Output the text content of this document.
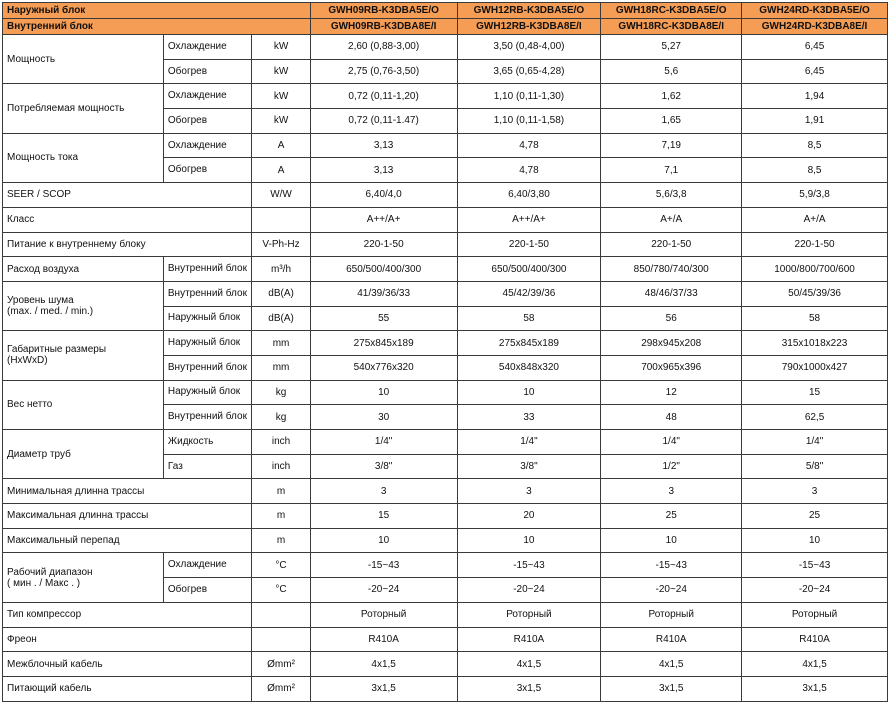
Наружный блок			GWH09RB-K3DBA5E/O	GWH12RB-K3DBA5E/O	GWH18RC-K3DBA5E/O	GWH24RD-K3DBA5E/O
Внутренний блок			GWH09RB-K3DBA8E/I	GWH12RB-K3DBA8E/I	GWH18RC-K3DBA8E/I	GWH24RD-K3DBA8E/I
Мощность	Охлаждение	kW	2,60 (0,88-3,00)	3,50 (0,48-4,00)	5,27	6,45
	Обогрев	kW	2,75 (0,76-3,50)	3,65 (0,65-4,28)	5,6	6,45
Потребляемая мощность	Охлаждение	kW	0,72 (0,11-1,20)	1,10 (0,11-1,30)	1,62	1,94
	Обогрев	kW	0,72 (0,11-1.47)	1,10 (0,11-1,58)	1,65	1,91
Мощность тока	Охлаждение	A	3,13	4,78	7,19	8,5
	Обогрев	A	3,13	4,78	7,1	8,5
SEER / SCOP		W/W	6,40/4,0	6,40/3,80	5,6/3,8	5,9/3,8
Класс			A++/A+	A++/A+	A+/A	A+/A
Питание к внутреннему блоку		V-Ph-Hz	220-1-50	220-1-50	220-1-50	220-1-50
Расход воздуха	Внутренний блок	m³/h	650/500/400/300	650/500/400/300	850/780/740/300	1000/800/700/600
Уровень шума
(max. / med. / min.)	Внутренний блок	dB(A)	41/39/36/33	45/42/39/36	48/46/37/33	50/45/39/36
	Наружный блок	dB(A)	55	58	56	58
Габаритные размеры
(HxWxD)	Наружный блок	mm	275x845x189	275x845x189	298x945x208	315x1018x223
	Внутренний блок	mm	540x776x320	540x848x320	700x965x396	790x1000x427
Вес нетто	Наружный блок	kg	10	10	12	15
	Внутренний блок	kg	30	33	48	62,5
Диаметр труб	Жидкость	inch	1/4"	1/4"	1/4"	1/4"
	Газ	inch	3/8"	3/8"	1/2"	5/8"
Минимальная длинна трассы		m	3	3	3	3
Максимальная длинна трассы		m	15	20	25	25
Максимальный перепад		m	10	10	10	10
Рабочий диапазон
( мин . / Макс . )	Охлаждение	°C	-15~43	-15~43	-15~43	-15~43
	Обогрев	°C	-20~24	-20~24	-20~24	-20~24
Тип компрессор			Роторный	Роторный	Роторный	Роторный
Фреон			R410A	R410A	R410A	R410A
Межблочный кабель		Ømm²	4x1,5	4x1,5	4x1,5	4x1,5
Питающий кабель		Ømm²	3x1,5	3x1,5	3x1,5	3x1,5
